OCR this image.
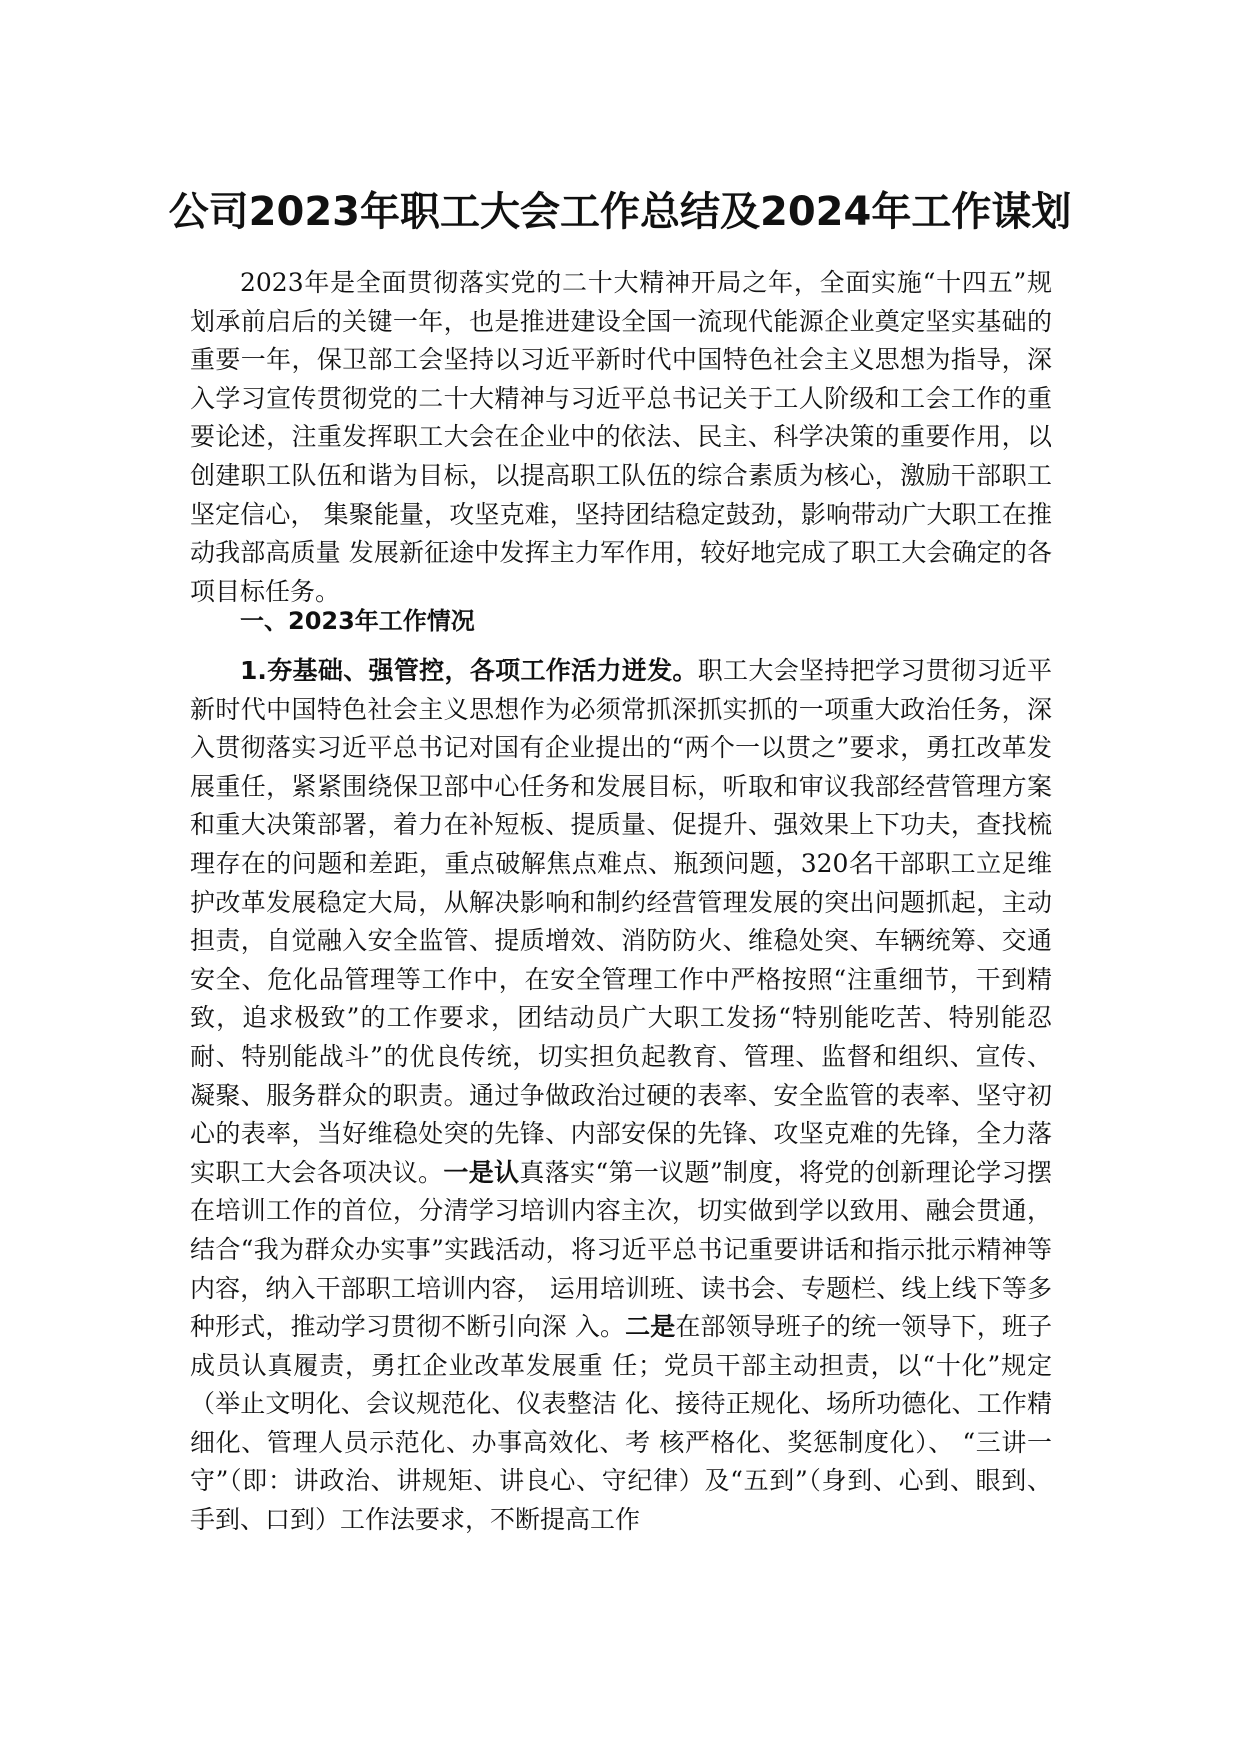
公司2023年职工大会工作总结及2024年工作谋划

2023年是全面贯彻落实党的二十大精神开局之年，全面实施“十四五”规划承前启后的关键一年，也是推进建设全国一流现代能源企业奠定坚实基础的重要一年，保卫部工会坚持以习近平新时代中国特色社会主义思想为指导，深入学习宣传贯彻党的二十大精神与习近平总书记关于工人阶级和工会工作的重要论述，注重发挥职工大会在企业中的依法、民主、科学决策的重要作用，以创建职工队伍和谐为目标，以提高职工队伍的综合素质为核心，激励干部职工坚定信心， 集聚能量，攻坚克难，坚持团结稳定鼓劲，影响带动广大职工在推动我部高质量 发展新征途中发挥主力军作用，较好地完成了职工大会确定的各项目标任务。

一、2023年工作情况

1.夯基础、强管控，各项工作活力迸发。职工大会坚持把学习贯彻习近平新时代中国特色社会主义思想作为必须常抓深抓实抓的一项重大政治任务，深入贯彻落实习近平总书记对国有企业提出的“两个一以贯之”要求，勇扛改革发展重任，紧紧围绕保卫部中心任务和发展目标，听取和审议我部经营管理方案和重大决策部署，着力在补短板、提质量、促提升、强效果上下功夫，查找梳理存在的问题和差距，重点破解焦点难点、瓶颈问题，320名干部职工立足维护改革发展稳定大局，从解决影响和制约经营管理发展的突出问题抓起，主动担责，自觉融入安全监管、提质增效、消防防火、维稳处突、车辆统筹、交通安全、危化品管理等工作中，在安全管理工作中严格按照“注重细节，干到精致，追求极致”的工作要求，团结动员广大职工发扬“特别能吃苦、特别能忍耐、特别能战斗”的优良传统，切实担负起教育、管理、监督和组织、宣传、凝聚、服务群众的职责。通过争做政治过硬的表率、安全监管的表率、坚守初心的表率，当好维稳处突的先锋、内部安保的先锋、攻坚克难的先锋，全力落实职工大会各项决议。一是认真落实“第一议题”制度，将党的创新理论学习摆在培训工作的首位，分清学习培训内容主次，切实做到学以致用、融会贯通，结合“我为群众办实事”实践活动，将习近平总书记重要讲话和指示批示精神等内容，纳入干部职工培训内容， 运用培训班、读书会、专题栏、线上线下等多种形式，推动学习贯彻不断引向深 入。二是在部领导班子的统一领导下，班子成员认真履责，勇扛企业改革发展重 任；党员干部主动担责，以“十化”规定（举止文明化、会议规范化、仪表整洁 化、接待正规化、场所功德化、工作精细化、管理人员示范化、办事高效化、考 核严格化、奖惩制度化）、 “三讲一守”（即：讲政治、讲规矩、讲良心、守纪律）及“五到”（身到、心到、眼到、手到、口到）工作法要求，不断提高工作
